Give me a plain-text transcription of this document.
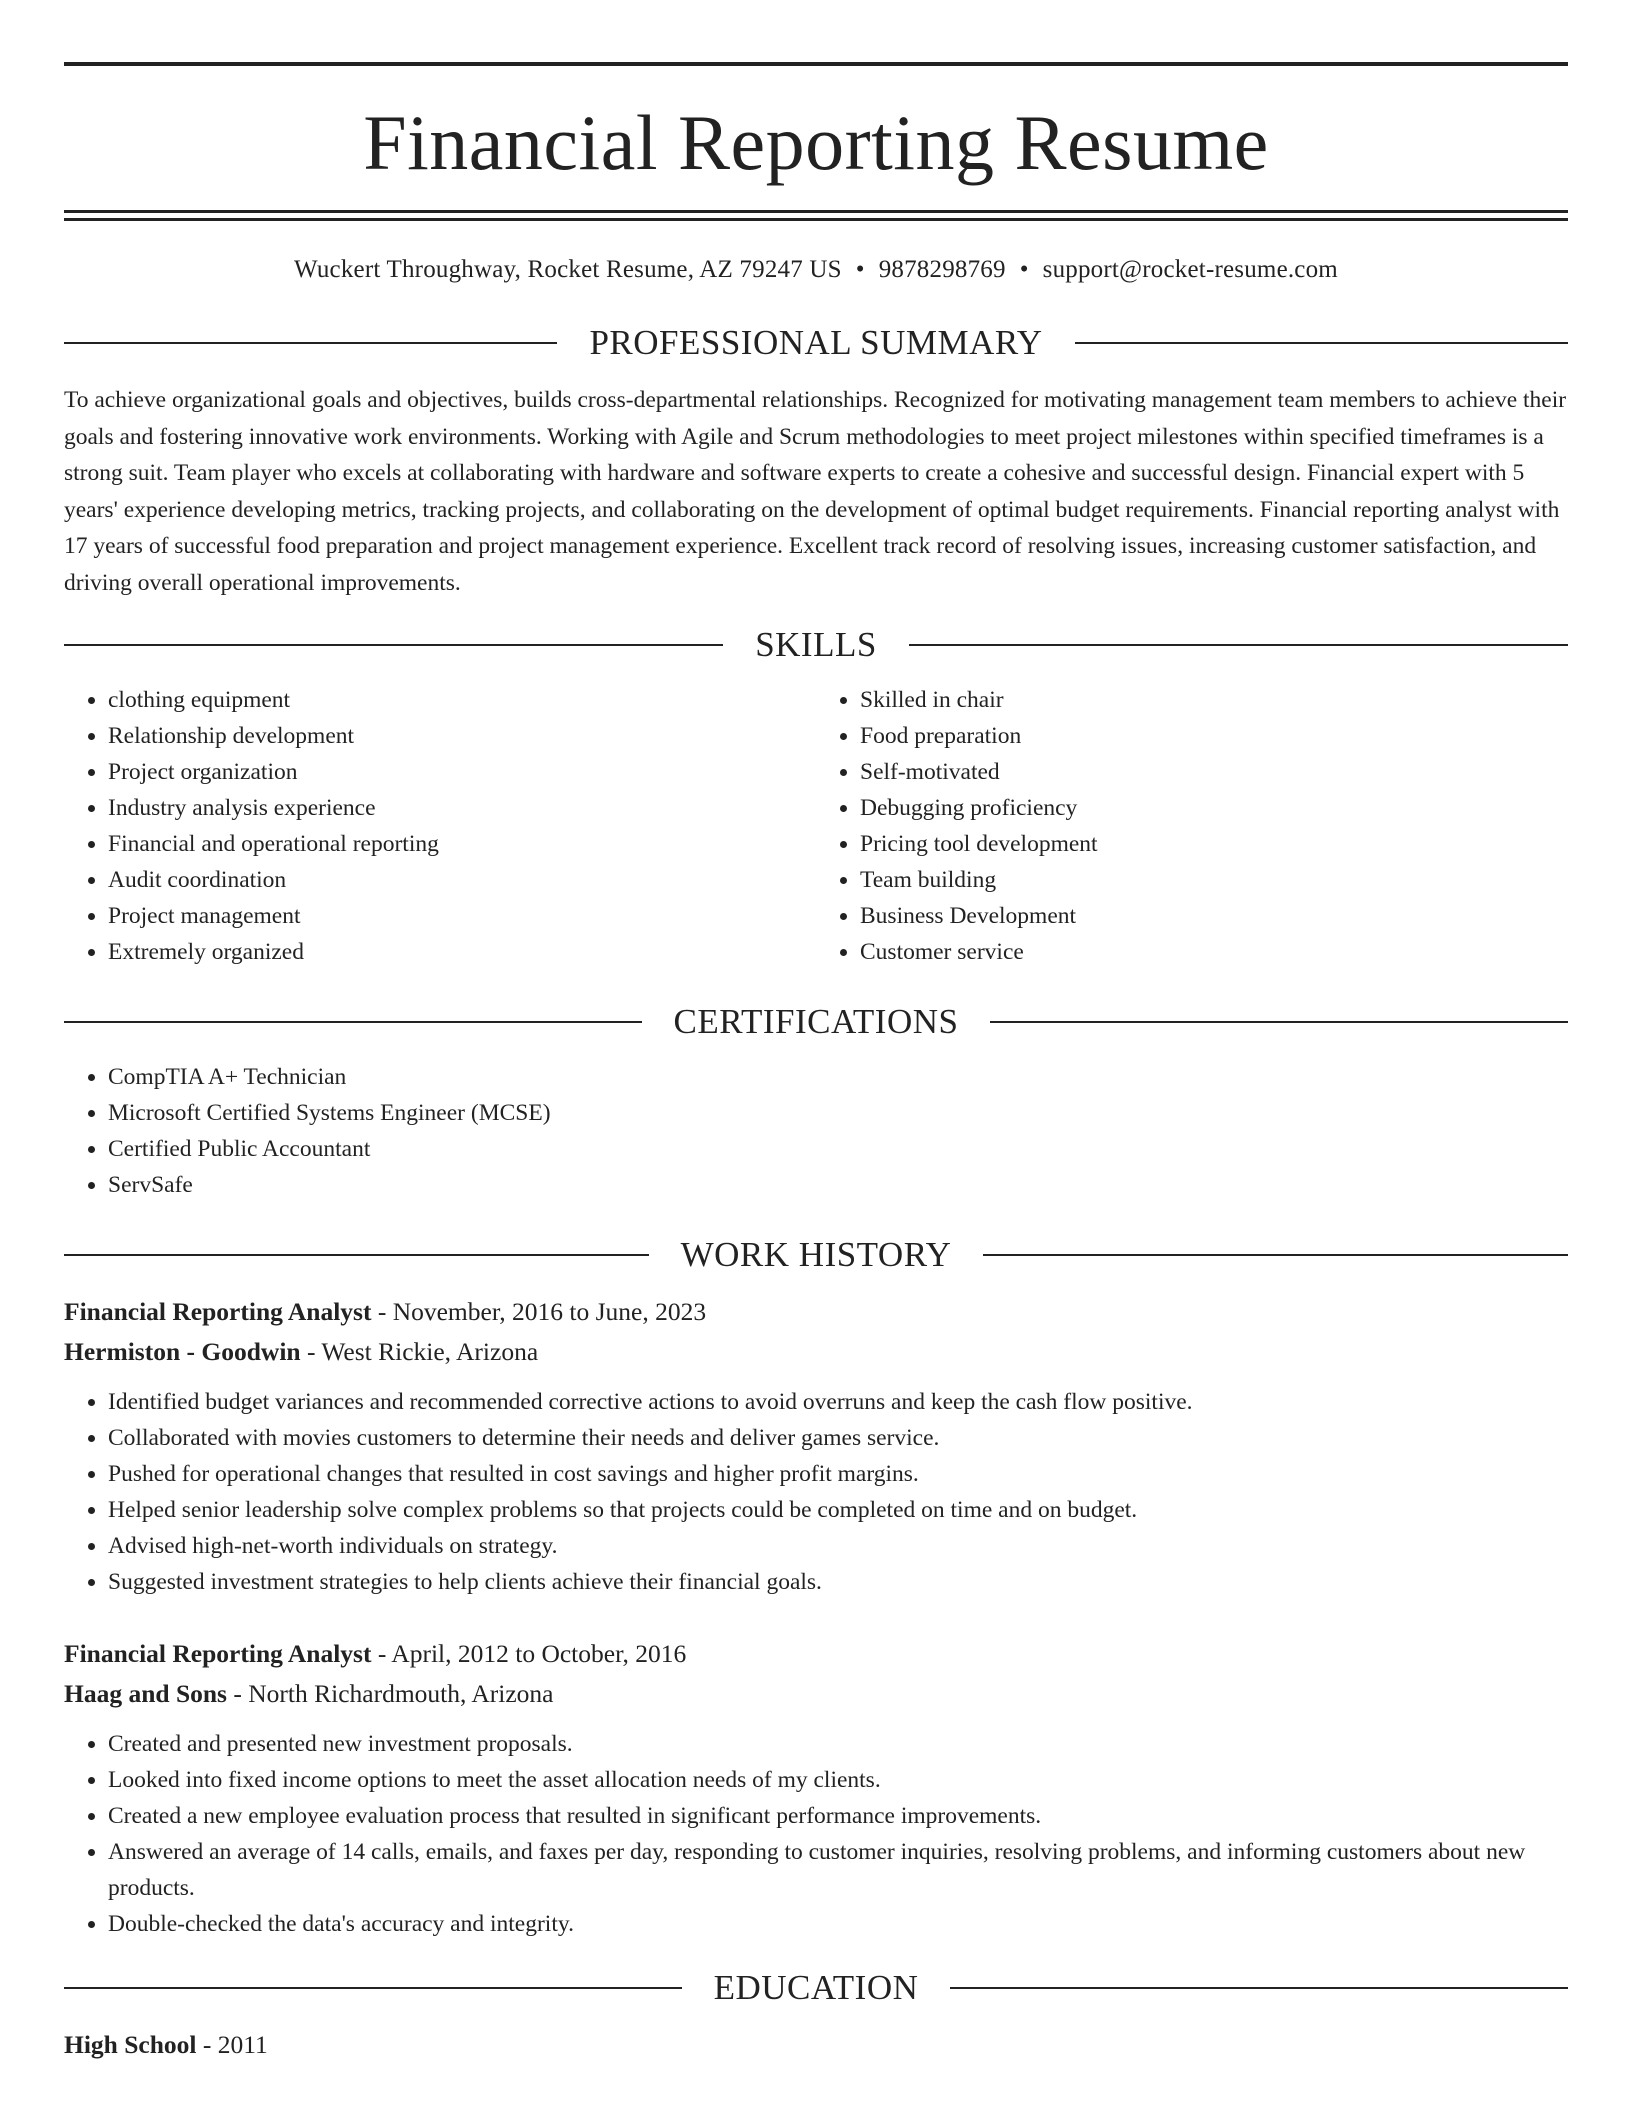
Financial Reporting Resume
Wuckert Throughway, Rocket Resume, AZ 79247 US • 9878298769 • support@rocket-resume.com
PROFESSIONAL SUMMARY

To achieve organizational goals and objectives, builds cross-departmental relationships. Recognized for motivating management team members to achieve their goals and fostering innovative work environments. Working with Agile and Scrum methodologies to meet project milestones within specified timeframes is a strong suit. Team player who excels at collaborating with hardware and software experts to create a cohesive and successful design. Financial expert with 5 years' experience developing metrics, tracking projects, and collaborating on the development of optimal budget requirements. Financial reporting analyst with 17 years of successful food preparation and project management experience. Excellent track record of resolving issues, increasing customer satisfaction, and driving overall operational improvements.

SKILLS
• clothing equipment
• Relationship development
• Project organization
• Industry analysis experience
• Financial and operational reporting
• Audit coordination
• Project management
• Extremely organized
• Skilled in chair
• Food preparation
• Self-motivated
• Debugging proficiency
• Pricing tool development
• Team building
• Business Development
• Customer service
CERTIFICATIONS
• CompTIA A+ Technician
• Microsoft Certified Systems Engineer (MCSE)
• Certified Public Accountant
• ServSafe
WORK HISTORY
Financial Reporting Analyst - November, 2016 to June, 2023
Hermiston - Goodwin - West Rickie, Arizona
• Identified budget variances and recommended corrective actions to avoid overruns and keep the cash flow positive.
• Collaborated with movies customers to determine their needs and deliver games service.
• Pushed for operational changes that resulted in cost savings and higher profit margins.
• Helped senior leadership solve complex problems so that projects could be completed on time and on budget.
• Advised high-net-worth individuals on strategy.
• Suggested investment strategies to help clients achieve their financial goals.
Financial Reporting Analyst - April, 2012 to October, 2016
Haag and Sons - North Richardmouth, Arizona
• Created and presented new investment proposals.
• Looked into fixed income options to meet the asset allocation needs of my clients.
• Created a new employee evaluation process that resulted in significant performance improvements.
• Answered an average of 14 calls, emails, and faxes per day, responding to customer inquiries, resolving problems, and informing customers about new products.
• Double-checked the data's accuracy and integrity.
EDUCATION
High School - 2011
